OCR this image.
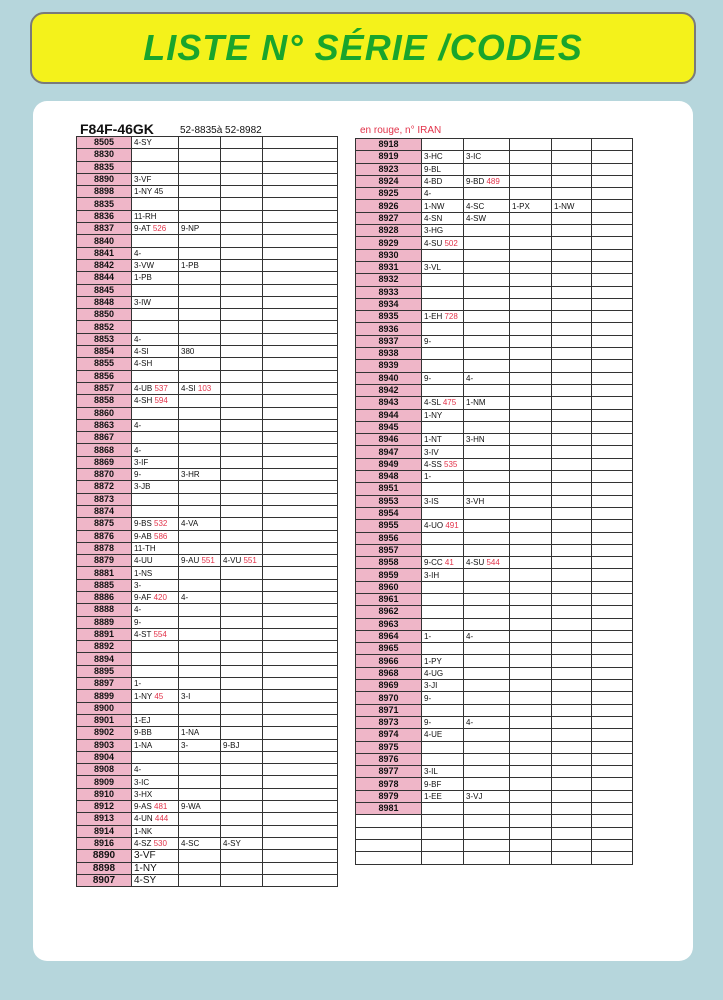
LISTE N° SÉRIE /CODES
F84F-46GK	52-8835à 52-8982	en rouge, n° IRAN
8505	4-SY			
8830				
8835				
8890	3-VF			
8898	1-NY 45			
8835				
8836	11-RH			
8837	9-AT 526	9-NP		
8840				
8841	4-			
8842	3-VW	1-PB		
8844	1-PB			
8845				
8848	3-IW			
8850				
8852				
8853	4-			
8854	4-SI	380		
8855	4-SH			
8856				
8857	4-UB 537	4-SI 103		
8858	4-SH 594			
8860				
8863	4-			
8867				
8868	4-			
8869	3-IF			
8870	9-	3-HR		
8872	3-JB			
8873				
8874				
8875	9-BS 532	4-VA		
8876	9-AB 586			
8878	11-TH			
8879	4-UU	9-AU 551	4-VU 551	
8881	1-NS			
8885	3-			
8886	9-AF 420	4-		
8888	4-			
8889	9-			
8891	4-ST 554			
8892				
8894				
8895				
8897	1-			
8899	1-NY 45	3-I		
8900				
8901	1-EJ			
8902	9-BB	1-NA		
8903	1-NA	3-	9-BJ	
8904				
8908	4-			
8909	3-IC			
8910	3-HX			
8912	9-AS 481	9-WA		
8913	4-UN 444			
8914	1-NK			
8916	4-SZ 530	4-SC	4-SY	
8890	3-VF			
8898	1-NY			
8907	4-SY			
8918					
8919	3-HC	3-IC			
8923	9-BL				
8924	4-BD	9-BD 489			
8925	4-				
8926	1-NW	4-SC	1-PX	1-NW	
8927	4-SN	4-SW			
8928	3-HG				
8929	4-SU 502				
8930					
8931	3-VL				
8932					
8933					
8934					
8935	1-EH 728				
8936					
8937	9-				
8938					
8939					
8940	9-	4-			
8942					
8943	4-SL 475	1-NM			
8944	1-NY				
8945					
8946	1-NT	3-HN			
8947	3-IV				
8949	4-SS 535				
8948	1-				
8951					
8953	3-IS	3-VH			
8954					
8955	4-UO 491				
8956					
8957					
8958	9-CC 41	4-SU 544			
8959	3-IH				
8960					
8961					
8962					
8963					
8964	1-	4-			
8965					
8966	1-PY				
8968	4-UG				
8969	3-JI				
8970	9-				
8971					
8973	9-	4-			
8974	4-UE				
8975					
8976					
8977	3-IL				
8978	9-BF				
8979	1-EE	3-VJ			
8981					
